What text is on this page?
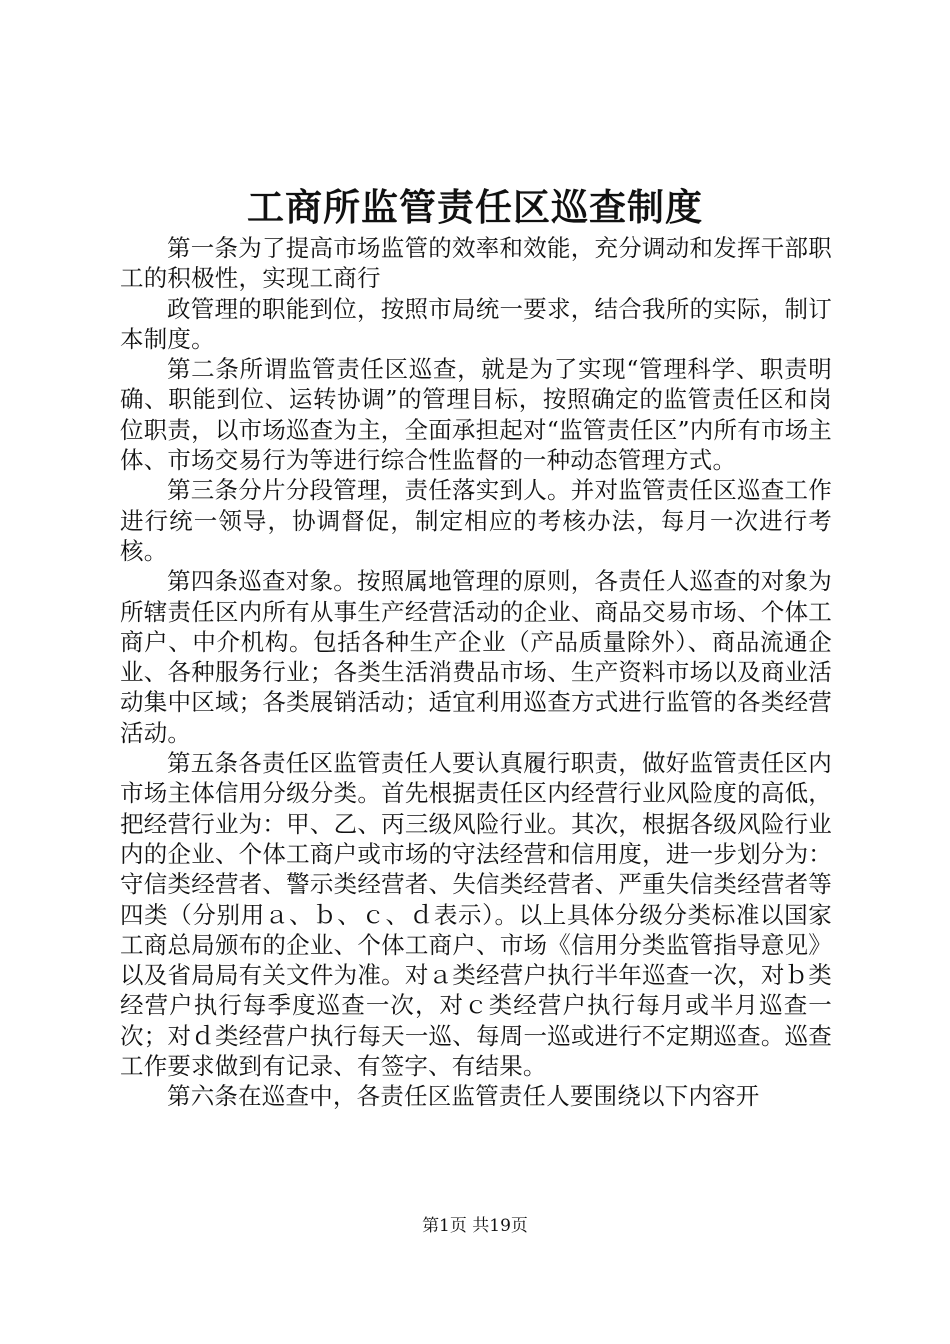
工商所监管责任区巡查制度

第一条为了提高市场监管的效率和效能，充分调动和发挥干部职工的积极性，实现工商行

政管理的职能到位，按照市局统一要求，结合我所的实际，制订本制度。

第二条所谓监管责任区巡查，就是为了实现“管理科学、职责明确、职能到位、运转协调”的管理目标，按照确定的监管责任区和岗位职责，以市场巡查为主，全面承担起对“监管责任区”内所有市场主体、市场交易行为等进行综合性监督的一种动态管理方式。

第三条分片分段管理，责任落实到人。并对监管责任区巡查工作进行统一领导，协调督促，制定相应的考核办法，每月一次进行考核。

第四条巡查对象。按照属地管理的原则，各责任人巡查的对象为所辖责任区内所有从事生产经营活动的企业、商品交易市场、个体工商户、中介机构。包括各种生产企业（产品质量除外）、商品流通企业、各种服务行业；各类生活消费品市场、生产资料市场以及商业活动集中区域；各类展销活动；适宜利用巡查方式进行监管的各类经营活动。

第五条各责任区监管责任人要认真履行职责，做好监管责任区内市场主体信用分级分类。首先根据责任区内经营行业风险度的高低，把经营行业为：甲、乙、丙三级风险行业。其次，根据各级风险行业内的企业、个体工商户或市场的守法经营和信用度，进一步划分为：守信类经营者、警示类经营者、失信类经营者、严重失信类经营者等四类（分别用ａ、ｂ、ｃ、ｄ表示）。以上具体分级分类标准以国家工商总局颁布的企业、个体工商户、市场《信用分类监管指导意见》以及省局局有关文件为准。对ａ类经营户执行半年巡查一次，对ｂ类经营户执行每季度巡查一次，对ｃ类经营户执行每月或半月巡查一次；对ｄ类经营户执行每天一巡、每周一巡或进行不定期巡查。巡查工作要求做到有记录、有签字、有结果。

第六条在巡查中，各责任区监管责任人要围绕以下内容开

第1页 共19页
